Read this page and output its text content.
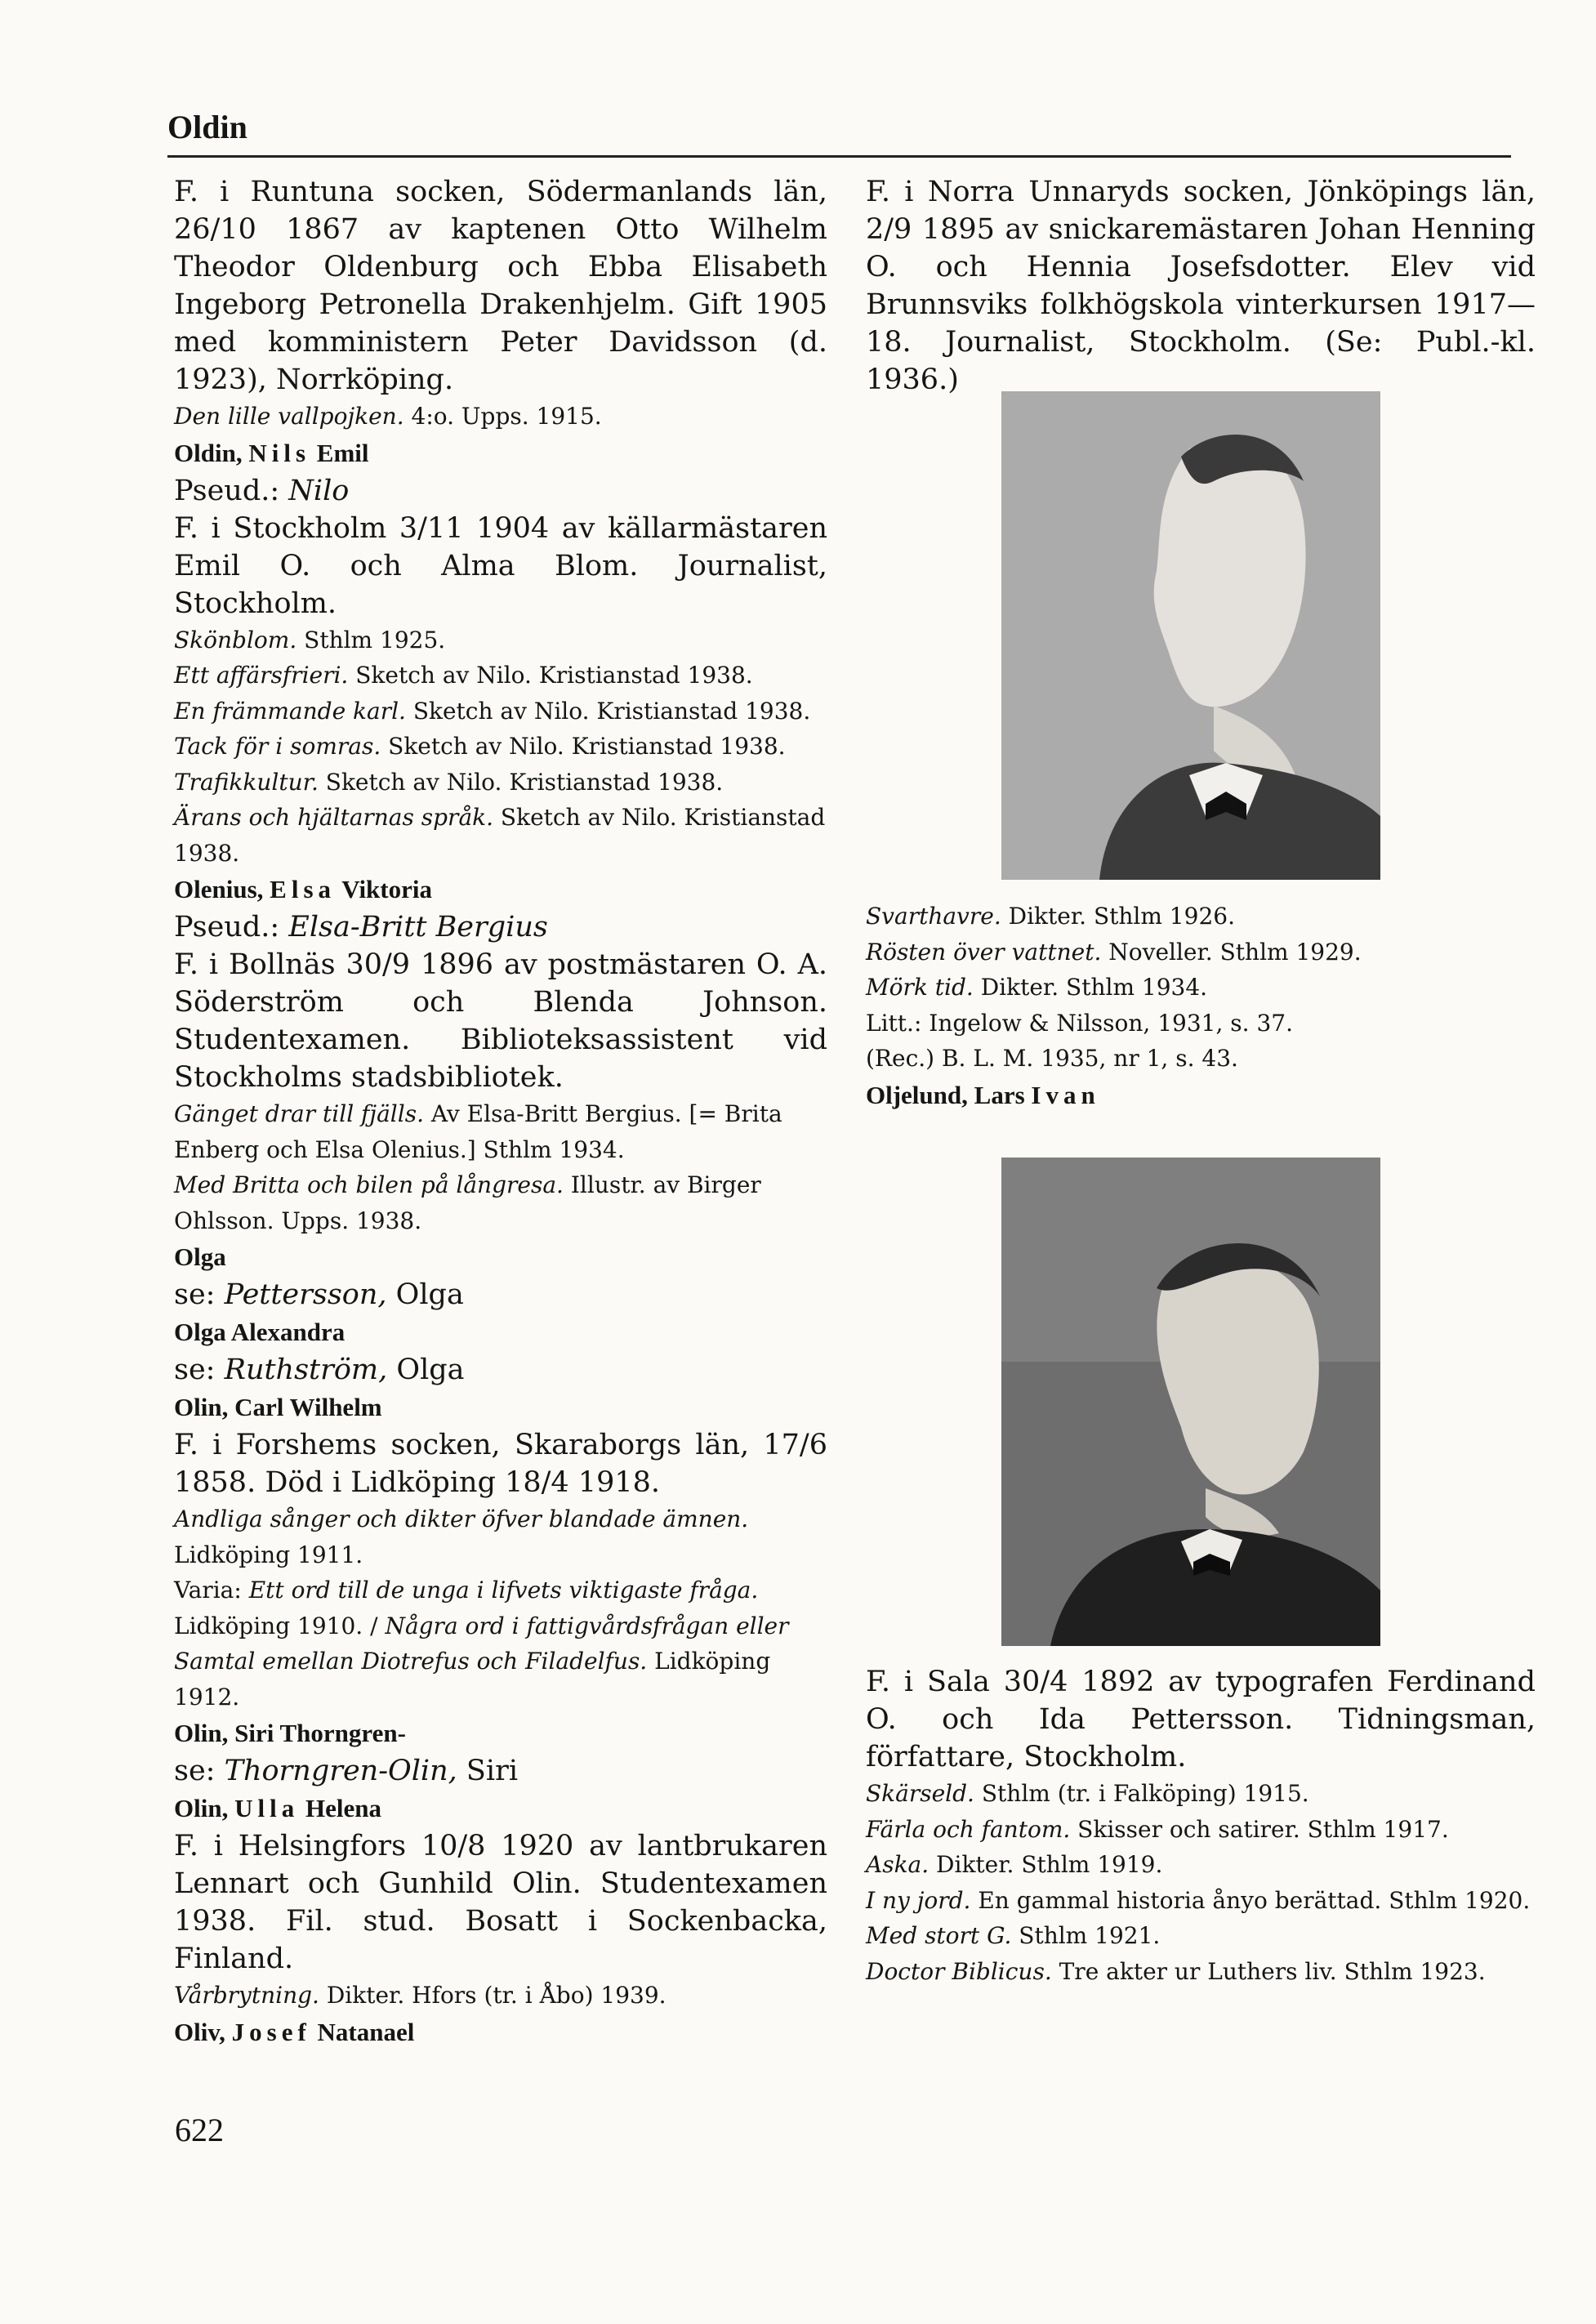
Oldin

F. i Runtuna socken, Södermanlands län, 26/10 1867 av kaptenen Otto Wilhelm Theodor Oldenburg och Ebba Elisabeth Ingeborg Petronella Drakenhjelm. Gift 1905 med komministern Peter Davidsson (d. 1923), Norrköping.

Den lille vallpojken. 4:o. Upps. 1915.

Oldin, Nils Emil

Pseud.: Nilo

F. i Stockholm 3/11 1904 av källarmästaren Emil O. och Alma Blom. Journalist, Stockholm.

Skönblom. Sthlm 1925.

Ett affärsfrieri. Sketch av Nilo. Kristianstad 1938.

En främmande karl. Sketch av Nilo. Kristianstad 1938.

Tack för i somras. Sketch av Nilo. Kristianstad 1938.

Trafikkultur. Sketch av Nilo. Kristianstad 1938.

Ärans och hjältarnas språk. Sketch av Nilo. Kristianstad 1938.

Olenius, Elsa Viktoria

Pseud.: Elsa-Britt Bergius

F. i Bollnäs 30/9 1896 av postmästaren O. A. Söderström och Blenda Johnson. Studentexamen. Biblioteksassistent vid Stockholms stadsbibliotek.

Gänget drar till fjälls. Av Elsa-Britt Bergius. [= Brita Enberg och Elsa Olenius.] Sthlm 1934.

Med Britta och bilen på långresa. Illustr. av Birger Ohlsson. Upps. 1938.

Olga

se: Pettersson, Olga

Olga Alexandra

se: Ruthström, Olga

Olin, Carl Wilhelm

F. i Forshems socken, Skaraborgs län, 17/6 1858. Död i Lidköping 18/4 1918.

Andliga sånger och dikter öfver blandade ämnen. Lidköping 1911.

Varia: Ett ord till de unga i lifvets viktigaste fråga. Lidköping 1910. / Några ord i fattigvårdsfrågan eller Samtal emellan Diotrefus och Filadelfus. Lidköping 1912.

Olin, Siri Thorngren-

se: Thorngren-Olin, Siri

Olin, Ulla Helena

F. i Helsingfors 10/8 1920 av lantbrukaren Lennart och Gunhild Olin. Studentexamen 1938. Fil. stud. Bosatt i Sockenbacka, Finland.

Vårbrytning. Dikter. Hfors (tr. i Åbo) 1939.

Oliv, Josef Natanael

F. i Norra Unnaryds socken, Jönköpings län, 2/9 1895 av snickaremästaren Johan Henning O. och Hennia Josefsdotter. Elev vid Brunnsviks folkhögskola vinterkursen 1917—18. Journalist, Stockholm. (Se: Publ.-kl. 1936.)

Svarthavre. Dikter. Sthlm 1926.

Rösten över vattnet. Noveller. Sthlm 1929.

Mörk tid. Dikter. Sthlm 1934.

Litt.: Ingelow & Nilsson, 1931, s. 37.

(Rec.) B. L. M. 1935, nr 1, s. 43.

Oljelund, Lars Ivan

F. i Sala 30/4 1892 av typografen Ferdinand O. och Ida Pettersson. Tidningsman, författare, Stockholm.

Skärseld. Sthlm (tr. i Falköping) 1915.

Färla och fantom. Skisser och satirer. Sthlm 1917.

Aska. Dikter. Sthlm 1919.

I ny jord. En gammal historia ånyo berättad. Sthlm 1920.

Med stort G. Sthlm 1921.

Doctor Biblicus. Tre akter ur Luthers liv. Sthlm 1923.

622
